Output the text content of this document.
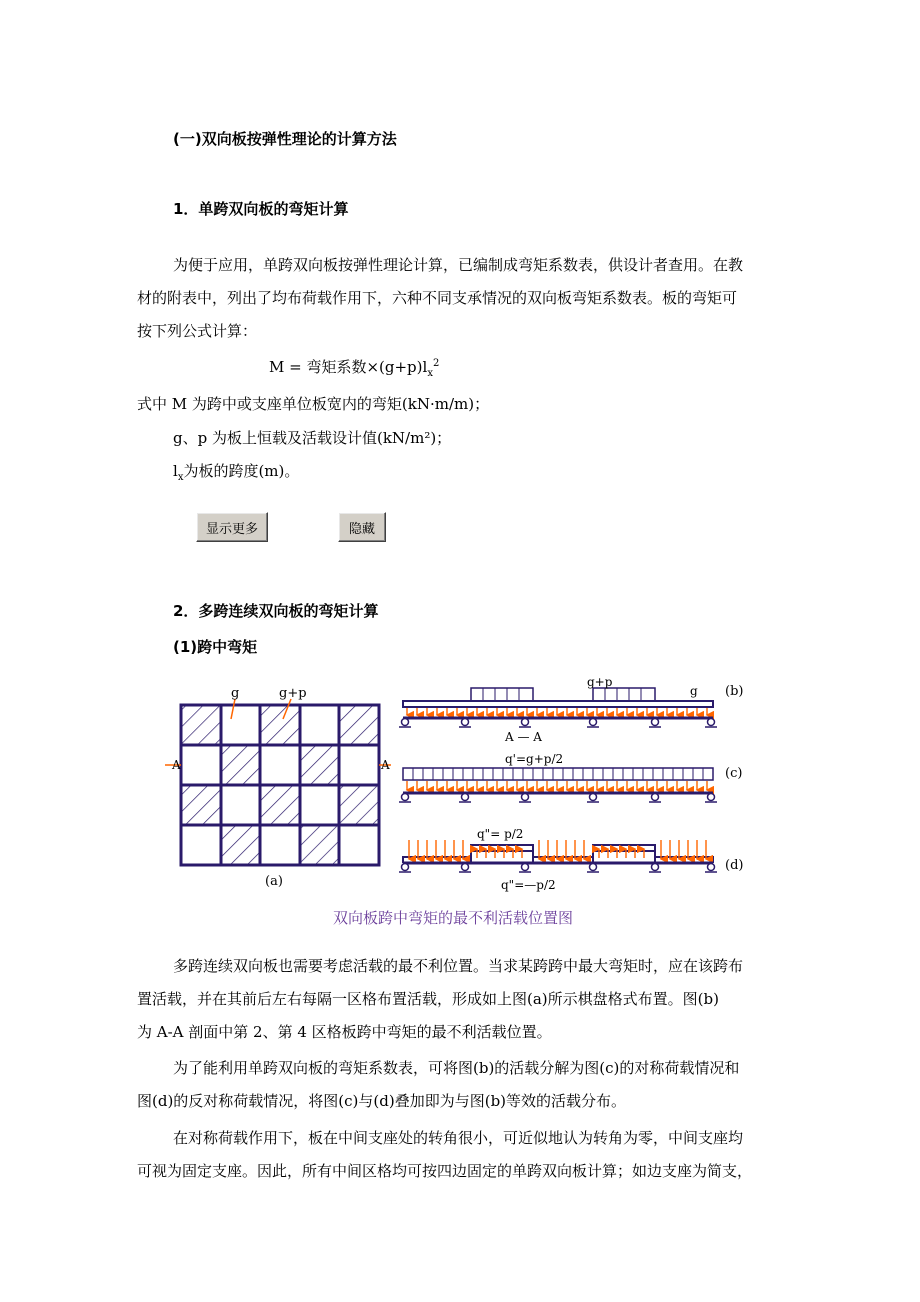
(一)双向板按弹性理论的计算方法
1．单跨双向板的弯矩计算
为便于应用，单跨双向板按弹性理论计算，已编制成弯矩系数表，供设计者查用。在教
材的附表中，列出了均布荷载作用下，六种不同支承情况的双向板弯矩系数表。板的弯矩可
按下列公式计算：
M = 弯矩系数$\times(g+p)l_x^2$
式中 M 为跨中或支座单位板宽内的弯矩(kN·m/m)；
g、p 为板上恒载及活载设计值(kN/m²)；
$l_x$为板的跨度(m)。
显示更多	隐藏
2．多跨连续双向板的弯矩计算
(1)跨中弯矩
g	g+p
A	A
(a)
g+p
g
A — A
(b)
q'=g+p/2
(c)
q"= p/2
q"=—p/2
(d)
双向板跨中弯矩的最不利活载位置图
多跨连续双向板也需要考虑活载的最不利位置。当求某跨跨中最大弯矩时，应在该跨布
置活载，并在其前后左右每隔一区格布置活载，形成如上图(a)所示棋盘格式布置。图(b)
为 A-A 剖面中第 2、第 4 区格板跨中弯矩的最不利活载位置。
为了能利用单跨双向板的弯矩系数表，可将图(b)的活载分解为图(c)的对称荷载情况和
图(d)的反对称荷载情况，将图(c)与(d)叠加即为与图(b)等效的活载分布。
在对称荷载作用下，板在中间支座处的转角很小，可近似地认为转角为零，中间支座均
可视为固定支座。因此，所有中间区格均可按四边固定的单跨双向板计算；如边支座为简支，
